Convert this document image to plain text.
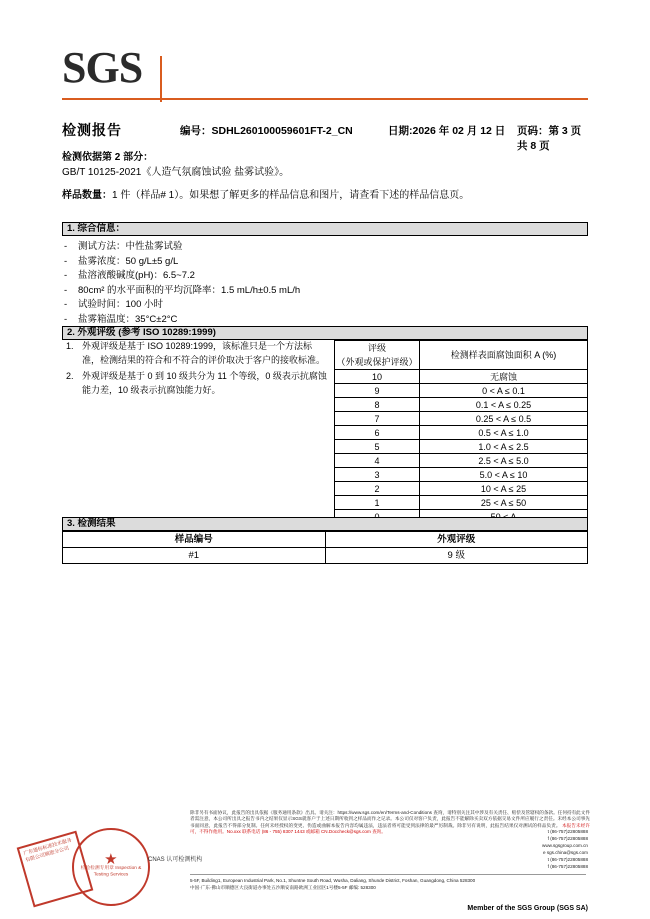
SGS
检测报告	编号：SDHL260100059601FT-2_CN	日期:2026 年 02 月 12 日 页码：第 3 页共 8 页
检测依据第 2 部分：
GB/T 10125-2021《人造气氛腐蚀试验 盐雾试验》。
样品数量：1 件（样品# 1）。如果想了解更多的样品信息和图片，请查看下述的样品信息页。
1. 综合信息：
-	测试方法：中性盐雾试验
-	盐雾浓度：50 g/L±5 g/L
-	盐溶液酸碱度(pH)：6.5~7.2
-	80cm² 的水平面积的平均沉降率：1.5 mL/h±0.5 mL/h
-	试验时间：100 小时
-	盐雾箱温度：35°C±2°C
2. 外观评级 (参考 ISO 10289:1999)
1. 外观评级是基于 ISO 10289:1999，该标准只是一个方法标准，检测结果的符合和不符合的评价取决于客户的接收标准。
2. 外观评级是基于 0 到 10 级共分为 11 个等级，0 级表示抗腐蚀能力差，10 级表示抗腐蚀能力好。
评级
（外观或保护评级）	检测样表面腐蚀面积 A (%)
10	无腐蚀
9	0 < A ≤ 0.1
8	0.1 < A ≤ 0.25
7	0.25 < A ≤ 0.5
6	0.5 < A ≤ 1.0
5	1.0 < A ≤ 2.5
4	2.5 < A ≤ 5.0
3	5.0 < A ≤ 10
2	10 < A ≤ 25
1	25 < A ≤ 50

3. 检测结果
样品编号	外观评级
#1	9 级
除非另有书面协议，此报告的出具依据《服务通用条款》出具。请关注：https://www.sgs.com/en/Terms-and-Conditions 查询，请特别关注其中涉及有关责任、赔偿及管辖权的条款。任何持有此文件者需注意，本公司所出具之报告书内之结果仅显示SGS就客户于上述日期所收到之样品而作之记录。本公司仅对客户负责，此报告不能解除买卖双方依据交易文件所应履行之责任。未经本公司事先书面同意，此报告不得部分复制。任何未经授权的变更、伪造或曲解本报告内容均属违法，违法者将可能受到法律的最严厉制裁。除非另有说明，此报告结果仅对测试的样品负责。 本报告未经许可，不得作他用。No.xxx 联系电话 (86 - 755) 8307 1443 或邮箱 CN.Doccheck@sgs.com 查询。
5-5F, Building1, European Industrial Park, No.1, Shuntne South Road, Wusha, Daliang, Shunde District, Foshan, Guangdong, China 528300
中国·广东·佛山市顺德区大良街道办事处五沙顺安南路欧洲工业园区1号楼5-5F 邮编: 528300
t (86-757)22805888
f (86-757)22805888
www.sgsgroup.com.cn
e sgs.china@sgs.com
t (86-757)22805888
f (86-757)22805888
Member of the SGS Group (SGS SA)
广东通标标准技术服务有限公司顺德分公司	★
检验检测专用章 Inspection & Testing Services
CNAS 认可检测机构
